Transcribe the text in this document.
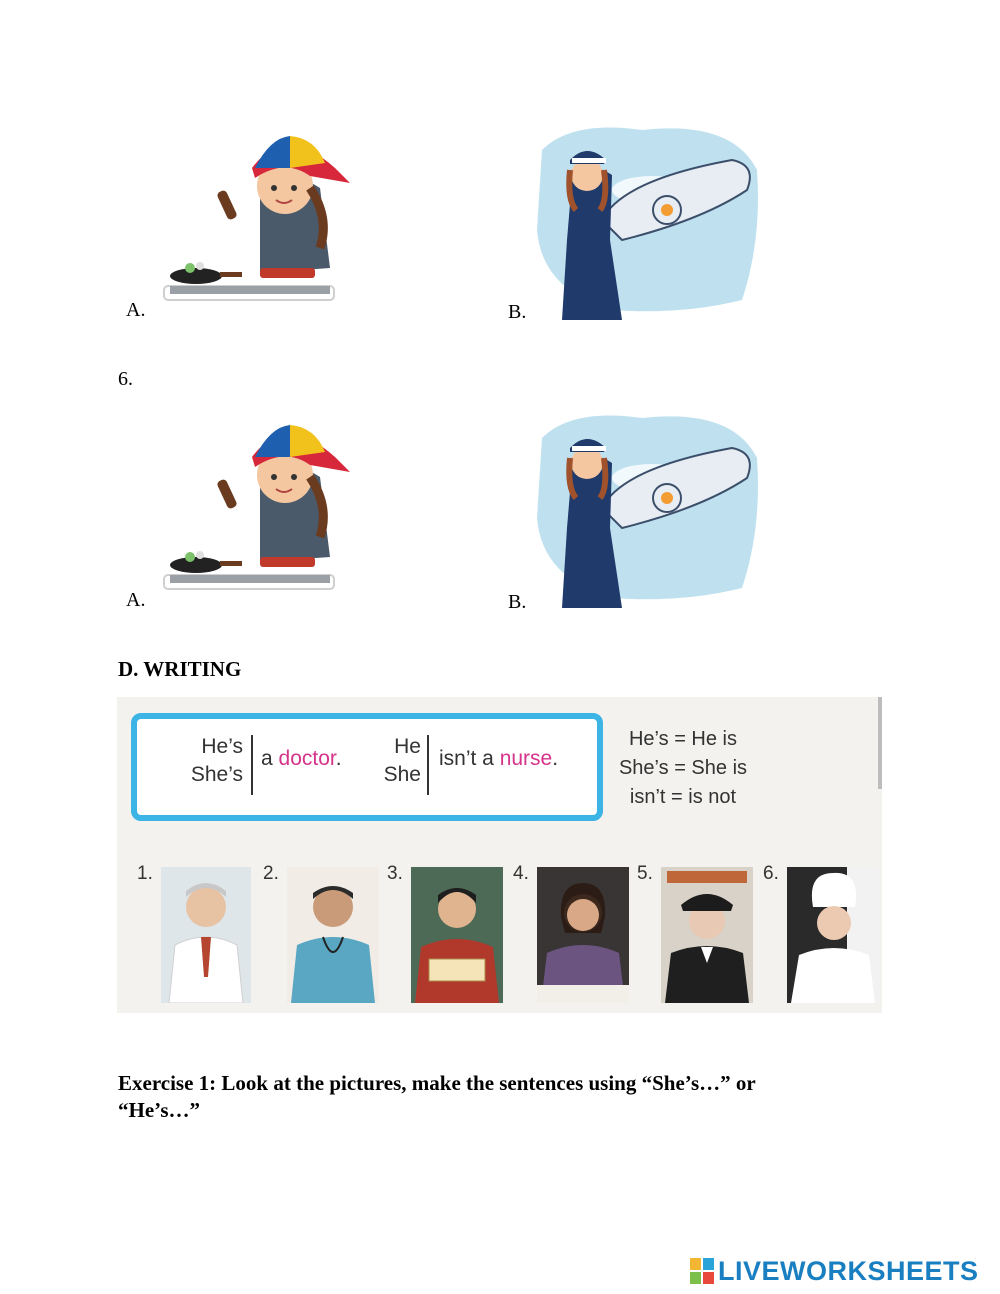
A.	B.
6.
A.	B.
D. WRITING
He’s
She’s
a doctor.
He
She
isn’t a nurse.
He’s = He is
She’s = She is
isn’t = is not
1.	2.	3.	4.	5.	6.
Exercise 1: Look at the pictures, make the sentences using “She’s…” or
“He’s…”
LIVEWORKSHEETS
